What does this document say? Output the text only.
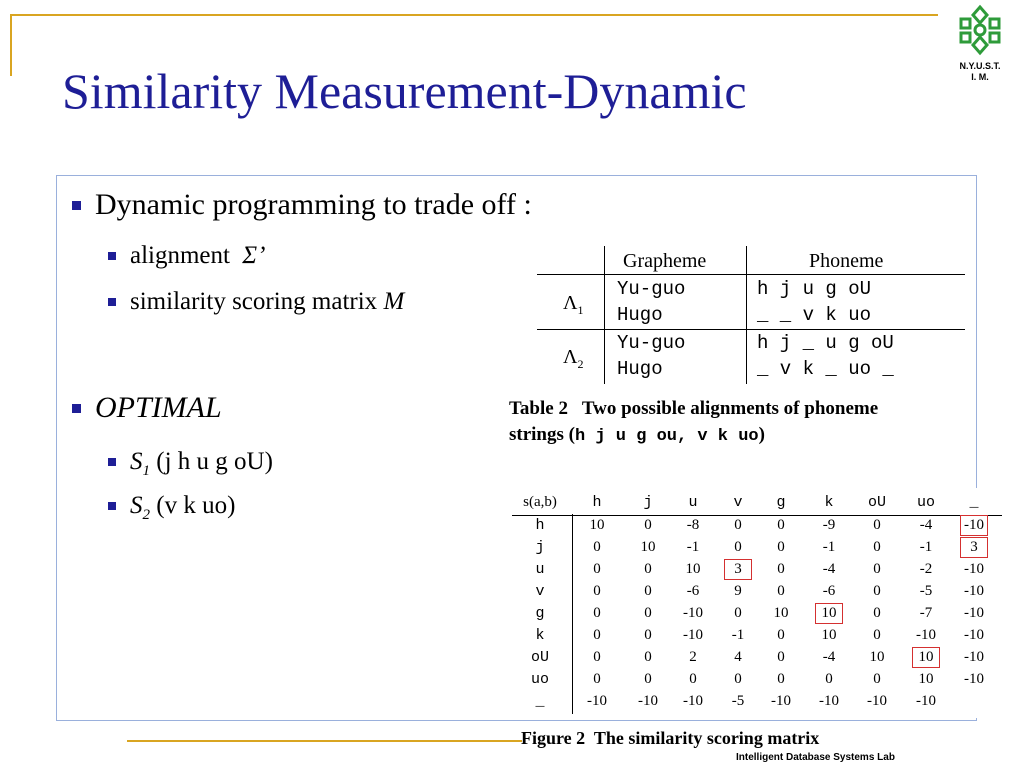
N.Y.U.S.T.
I. M.
Similarity Measurement-Dynamic
Dynamic programming to trade off :
alignment Σ’
similarity scoring matrix M
OPTIMAL
$S_1$ (j h u g oU)
$S_2$ (v k uo)
Grapheme	Phoneme
$\Lambda_1$
Yu-guo	h j u g oU
Hugo	_ _ v k uo
$\Lambda_2$
Yu-guo	h j _ u g oU
Hugo	_ v k _ uo _
Table 2   Two possible alignments of phoneme
strings (h j u g ou, v k uo)
s(a,b)	h	j	u	v	g	k	oU	uo	_
h	10	0	-8	0	0	-9	0	-4	-10
j	0	10	-1	0	0	-1	0	-1	3
u	0	0	10	3	0	-4	0	-2	-10
v	0	0	-6	9	0	-6	0	-5	-10
g	0	0	-10	0	10	10	0	-7	-10
k	0	0	-10	-1	0	10	0	-10	-10
oU	0	0	2	4	0	-4	10	10	-10
uo	0	0	0	0	0	0	0	10	-10
_	-10	-10	-10	-5	-10	-10	-10	-10
Figure 2  The similarity scoring matrix
Intelligent Database Systems Lab
